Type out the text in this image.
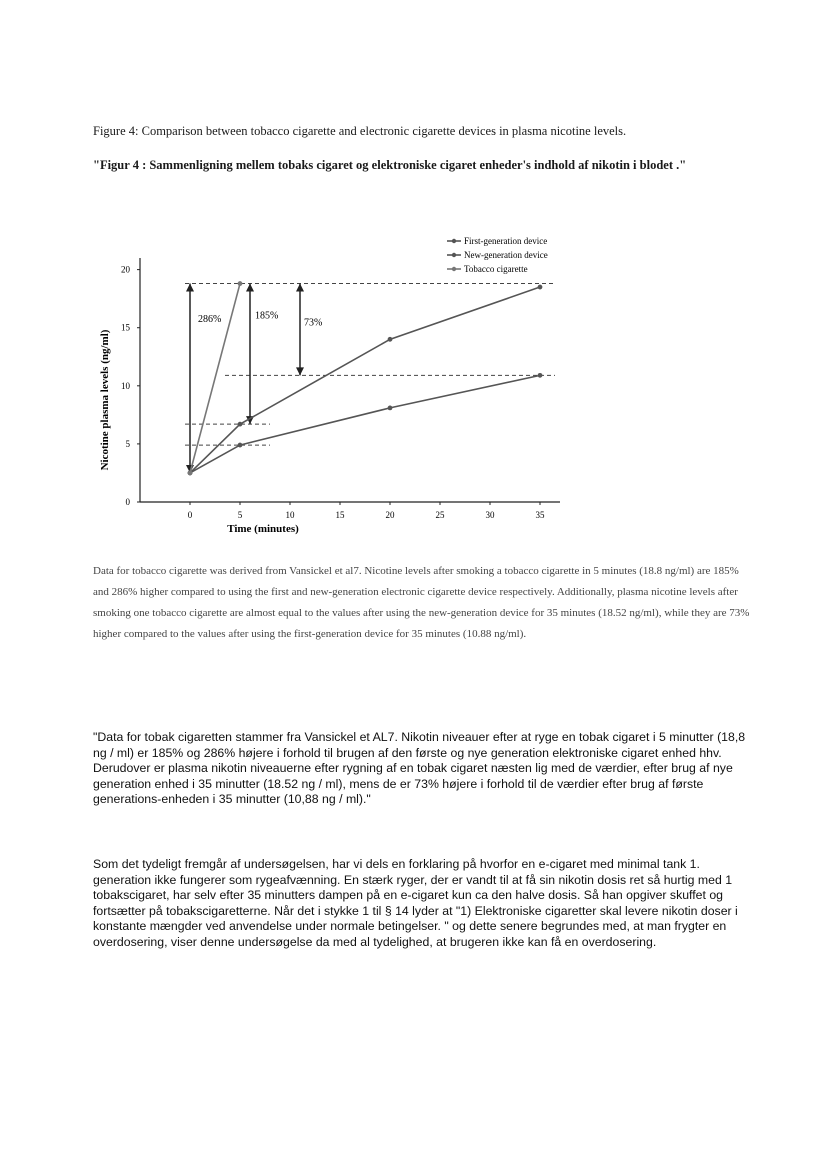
Figure 4: Comparison between tobacco cigarette and electronic cigarette devices in plasma nicotine levels.
"Figur 4 : Sammenligning mellem tobaks cigaret og elektroniske cigaret enheder's indhold af nikotin i blodet ."
286%	185%
73%
0	5	10	15	20	25	30	35
0
5
10
15
20
First-generation device
New-generation device
Tobacco cigarette
Time (minutes)
Nicotine plasma levels (ng/ml)
Data for tobacco cigarette was derived from Vansickel et al7. Nicotine levels after smoking a tobacco cigarette in 5 minutes (18.8 ng/ml) are 185% and 286% higher compared to using the first and new-generation electronic cigarette device respectively. Additionally, plasma nicotine levels after smoking one tobacco cigarette are almost equal to the values after using the new-generation device for 35 minutes (18.52 ng/ml), while they are 73% higher compared to the values after using the first-generation device for 35 minutes (10.88 ng/ml).
"Data for tobak cigaretten stammer fra Vansickel et AL7. Nikotin niveauer efter at ryge en tobak cigaret i 5 minutter (18,8 ng / ml) er 185% og 286% højere i forhold til brugen af den første og nye generation elektroniske cigaret enhed hhv. Derudover er plasma nikotin niveauerne efter rygning af en tobak cigaret næsten lig med de værdier, efter brug af nye generation enhed i 35 minutter (18.52 ng / ml), mens de er 73% højere i forhold til de værdier efter brug af første generations-enheden i 35 minutter (10,88 ng / ml)."
Som det tydeligt fremgår af undersøgelsen, har vi dels en forklaring på hvorfor en e-cigaret med minimal tank 1. generation ikke fungerer som rygeafvænning. En stærk ryger, der er vandt til at få sin nikotin dosis ret så hurtig med 1 tobakscigaret, har selv efter 35 minutters dampen på en e-cigaret kun ca den halve dosis. Så han opgiver skuffet og fortsætter på tobakscigaretterne. Når det i stykke 1 til § 14 lyder at "1) Elektroniske cigaretter skal levere nikotin doser i konstante mængder ved anvendelse under normale betingelser. " og dette senere begrundes med, at man frygter en overdosering, viser denne undersøgelse da med al tydelighed, at brugeren ikke kan få en overdosering.
